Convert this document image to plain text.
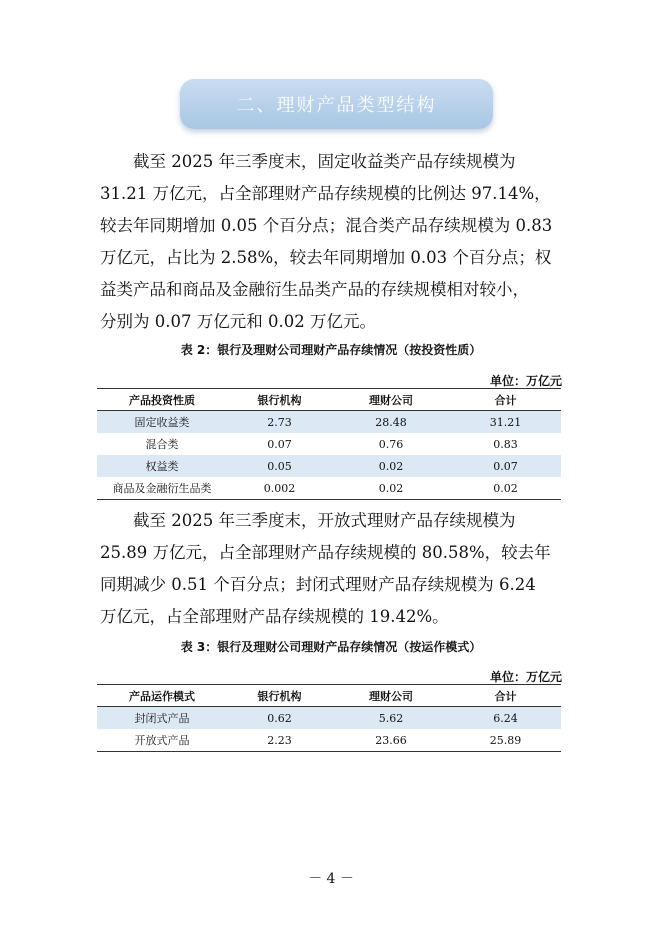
二、理财产品类型结构
截至 2025 年三季度末，固定收益类产品存续规模为
31.21 万亿元，占全部理财产品存续规模的比例达 97.14%，
较去年同期增加 0.05 个百分点；混合类产品存续规模为 0.83
万亿元，占比为 2.58%，较去年同期增加 0.03 个百分点；权
益类产品和商品及金融衍生品类产品的存续规模相对较小，
分别为 0.07 万亿元和 0.02 万亿元。
表 2：银行及理财公司理财产品存续情况（按投资性质）
单位：万亿元
产品投资性质	银行机构	理财公司	合计
固定收益类	2.73	28.48	31.21
混合类	0.07	0.76	0.83
权益类	0.05	0.02	0.07
商品及金融衍生品类	0.002	0.02	0.02
截至 2025 年三季度末，开放式理财产品存续规模为
25.89 万亿元，占全部理财产品存续规模的 80.58%，较去年
同期减少 0.51 个百分点；封闭式理财产品存续规模为 6.24
万亿元，占全部理财产品存续规模的 19.42%。
表 3：银行及理财公司理财产品存续情况（按运作模式）
单位：万亿元
产品运作模式	银行机构	理财公司	合计
封闭式产品	0.62	5.62	6.24
开放式产品	2.23	23.66	25.89
－ 4 －
